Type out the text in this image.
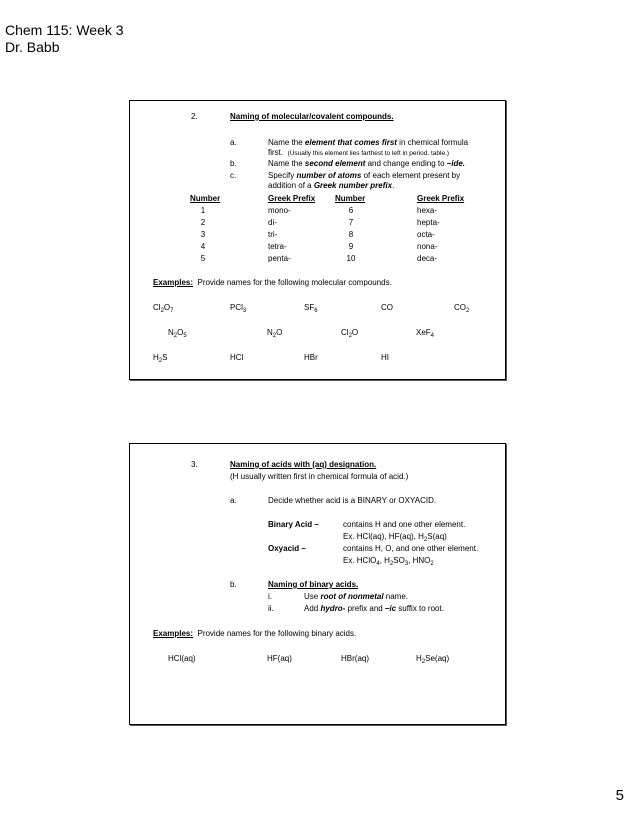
Chem 115: Week 3
Dr. Babb
2.	Naming of molecular/covalent compounds.
a.	Name the element that comes first in chemical formula
first. (Usually this element lies farthest to left in period. table.)
b.	Name the second element and change ending to –ide.
c.	Specify number of atoms of each element present by
addition of a Greek number prefix.
Number	Greek Prefix Number	Greek Prefix
1	mono-	6	hexa-
2	di-	7	hepta-
3	tri-	8	octa-
4	tetra-	9	nona-
5	penta-	10	deca-
Examples: Provide names for the following molecular compounds.
$Cl_2O_7$	PCl$_3$	$SF_6$	CO	$CO_2$
$N_2O_5$	$N_2O$	$Cl_2O$	XeF$_4$
$H_2S$	HCl	HBr	HI
3.	Naming of acids with (aq) designation.
(H usually written first in chemical formula of acid.)
a.	Decide whether acid is a BINARY or OXYACID.
Binary Acid –	contains H and one other element.
Ex. HCl(aq), HF(aq), $H_2S(aq)$
Oxyacid –	contains H, O, and one other element.
Ex. HClO$_4$, $H_2SO_3$, $HNO_2$
b.	Naming of binary acids.
i.	Use root of nonmetal name.
ii.	Add hydro- prefix and –ic suffix to root.
Examples: Provide names for the following binary acids.
HCl(aq)	HF(aq)	HBr(aq)	$H_2Se(aq)$
5
